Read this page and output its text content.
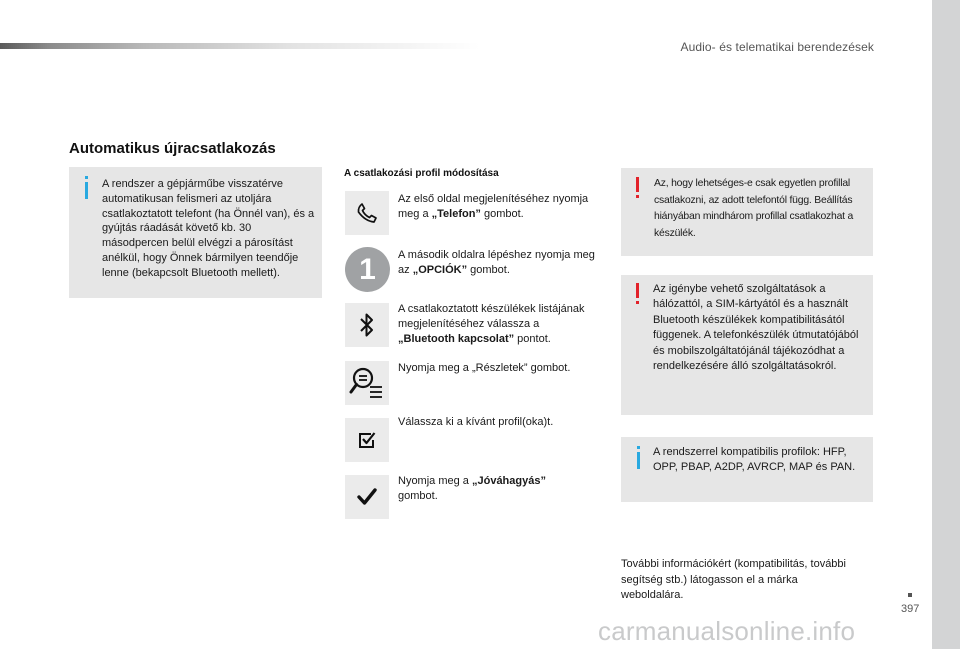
Audio- és telematikai berendezések
Automatikus újracsatlakozás
A rendszer a gépjárműbe visszatérve automatikusan felismeri az utoljára csatlakoztatott telefont (ha Önnél van), és a gyújtás ráadását követő kb. 30 másodpercen belül elvégzi a párosítást anélkül, hogy Önnek bármilyen teendője lenne (bekapcsolt Bluetooth mellett).
A csatlakozási profil módosítása
Az első oldal megjelenítéséhez nyomja meg a „Telefon” gombot.
1	A második oldalra lépéshez nyomja meg az „OPCIÓK” gombot.
A csatlakoztatott készülékek listájának megjelenítéséhez válassza a „Bluetooth kapcsolat” pontot.
Nyomja meg a „Részletek” gombot.
Válassza ki a kívánt profil(oka)t.
Nyomja meg a „Jóváhagyás” gombot.
Az, hogy lehetséges-e csak egyetlen profillal csatlakozni, az adott telefontól függ. Beállítás hiányában mindhárom profillal csatlakozhat a készülék.
Az igénybe vehető szolgáltatások a hálózattól, a SIM-kártyától és a használt Bluetooth készülékek kompatibilitásától függenek. A telefonkészülék útmutatójából és mobilszolgáltatójánál tájékozódhat a rendelkezésére álló szolgáltatásokról.
A rendszerrel kompatibilis profilok: HFP, OPP, PBAP, A2DP, AVRCP, MAP és PAN.
További információkért (kompatibilitás, további segítség stb.) látogasson el a márka weboldalára.
397
carmanualsonline.info
